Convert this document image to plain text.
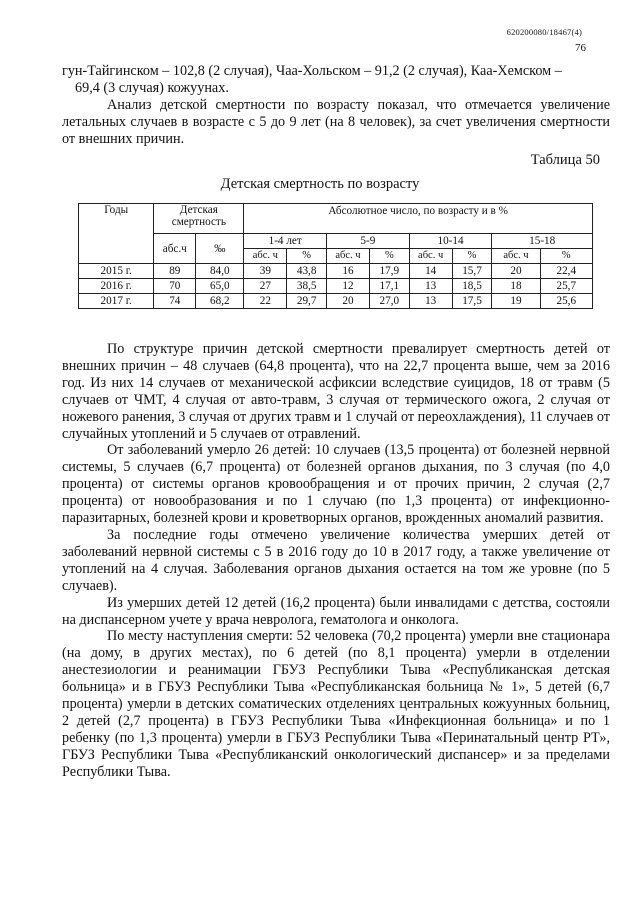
620200080/18467(4)
76

гун-Тайгинском – 102,8 (2 случая), Чаа-Хольском – 91,2 (2 случая), Каа-Хемском –

69,4 (3 случая) кожуунах.

Анализ детской смертности по возрасту показал, что отмечается увеличение летальных случаев в возрасте с 5 до 9 лет (на 8 человек), за счет увеличения смертности от внешних причин.

Таблица 50
Детская смертность по возрасту
Годы	Детская смертность		Абсолютное число, по возрасту и в %							
	абс.ч	‰	1-4 лет		5-9		10-14		15-18	
			абс. ч	%	абс. ч	%	абс. ч	%	абс. ч	%
2015 г.	89	84,0	39	43,8	16	17,9	14	15,7	20	22,4
2016 г.	70	65,0	27	38,5	12	17,1	13	18,5	18	25,7
2017 г.	74	68,2	22	29,7	20	27,0	13	17,5	19	25,6

По структуре причин детской смертности превалирует смертность детей от внешних причин – 48 случаев (64,8 процента), что на 22,7 процента выше, чем за 2016 год. Из них 14 случаев от механической асфиксии вследствие суицидов, 18 от травм (5 случаев от ЧМТ, 4 случая от авто-травм, 3 случая от термического ожога, 2 случая от ножевого ранения, 3 случая от других травм и 1 случай от переохлаждения), 11 случаев от случайных утоплений и 5 случаев от отравлений.

От заболеваний умерло 26 детей: 10 случаев (13,5 процента) от болезней нервной системы, 5 случаев (6,7 процента) от болезней органов дыхания, по 3 случая (по 4,0 процента) от системы органов кровообращения и от прочих причин, 2 случая (2,7 процента) от новообразования и по 1 случаю (по 1,3 процента) от инфекционно-паразитарных, болезней крови и кроветворных органов, врожденных аномалий развития.

За последние годы отмечено увеличение количества умерших детей от заболеваний нервной системы с 5 в 2016 году до 10 в 2017 году, а также увеличение от утоплений на 4 случая. Заболевания органов дыхания остается на том же уровне (по 5 случаев).

Из умерших детей 12 детей (16,2 процента) были инвалидами с детства, состояли на диспансерном учете у врача невролога, гематолога и онколога.

По месту наступления смерти: 52 человека (70,2 процента) умерли вне стационара (на дому, в других местах), по 6 детей (по 8,1 процента) умерли в отделении анестезиологии и реанимации ГБУЗ Республики Тыва «Республиканская детская больница» и в ГБУЗ Республики Тыва «Республиканская больница № 1», 5 детей (6,7 процента) умерли в детских соматических отделениях центральных кожуунных больниц, 2 детей (2,7 процента) в ГБУЗ Республики Тыва «Инфекционная больница» и по 1 ребенку (по 1,3 процента) умерли в ГБУЗ Республики Тыва «Перинатальный центр РТ», ГБУЗ Республики Тыва «Республиканский онкологический диспансер» и за пределами Республики Тыва.
